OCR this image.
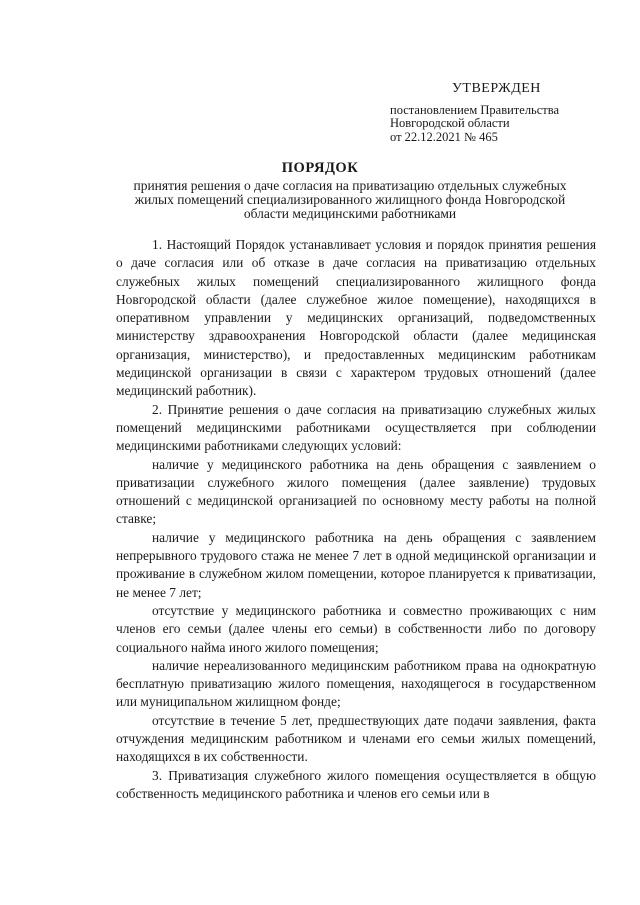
УТВЕРЖДЕН
постановлением Правительства
Новгородской области
от 22.12.2021 № 465
ПОРЯДОК
принятия решения о даче согласия на приватизацию отдельных служебных
жилых помещений специализированного жилищного фонда Новгородской
области медицинскими работниками

1. Настоящий Порядок устанавливает условия и порядок принятия решения о даче согласия или об отказе в даче согласия на приватизацию отдельных служебных жилых помещений специализированного жилищного фонда Новгородской области (далее служебное жилое помещение), находящихся в оперативном управлении у медицинских организаций, подведомственных министерству здравоохранения Новгородской области (далее медицинская организация, министерство), и предоставленных медицинским работникам медицинской организации в связи с характером трудовых отношений (далее медицинский работник).

2. Принятие решения о даче согласия на приватизацию служебных жилых помещений медицинскими работниками осуществляется при соблюдении медицинскими работниками следующих условий:

наличие у медицинского работника на день обращения с заявлением о приватизации служебного жилого помещения (далее заявление) трудовых отношений с медицинской организацией по основному месту работы на полной ставке;

наличие у медицинского работника на день обращения с заявлением непрерывного трудового стажа не менее 7 лет в одной медицинской организации и проживание в служебном жилом помещении, которое планируется к приватизации, не менее 7 лет;

отсутствие у медицинского работника и совместно проживающих с ним членов его семьи (далее члены его семьи) в собственности либо по договору социального найма иного жилого помещения;

наличие нереализованного медицинским работником права на однократную бесплатную приватизацию жилого помещения, находящегося в государственном или муниципальном жилищном фонде;

отсутствие в течение 5 лет, предшествующих дате подачи заявления, факта отчуждения медицинским работником и членами его семьи жилых помещений, находящихся в их собственности.

3. Приватизация служебного жилого помещения осуществляется в общую собственность медицинского работника и членов его семьи или в
